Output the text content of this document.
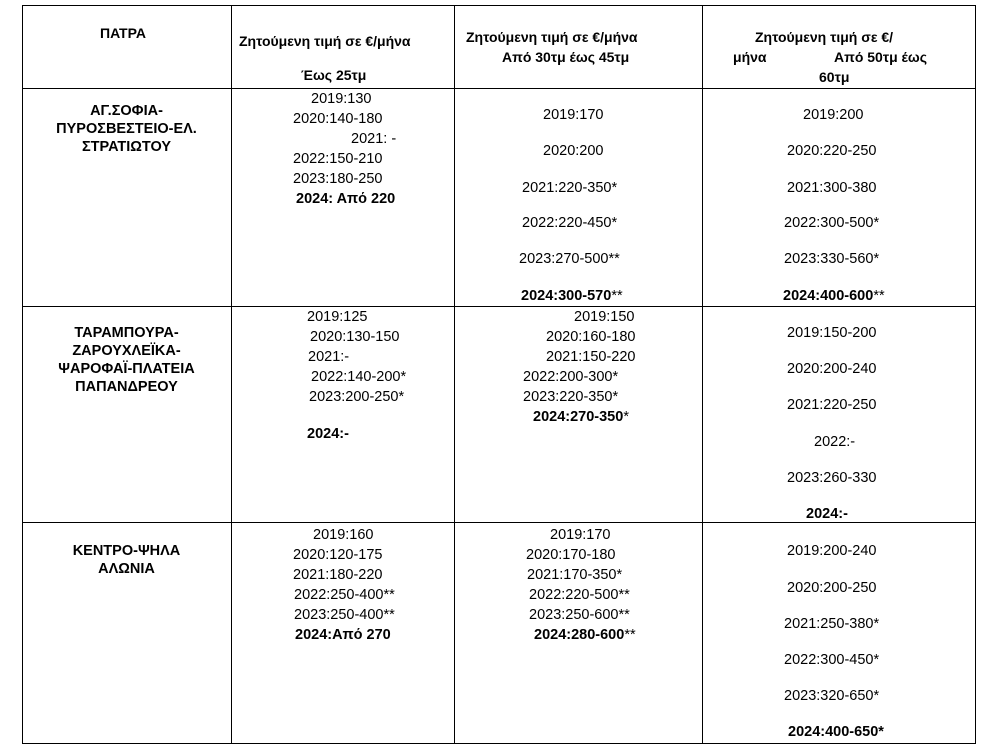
ΠΑΤΡΑ	Ζητούμενη τιμή σε €/μήνα
Έως 25τμ
Ζητούμενη τιμή σε €/μήνα
Από 30τμ έως 45τμ
Ζητούμενη τιμή σε €/
μήνα	Από 50τμ έως
60τμ
ΑΓ.ΣΟΦΙΑ-
ΠΥΡΟΣΒΕΣΤΕΙΟ-ΕΛ.
ΣΤΡΑΤΙΩΤΟΥ
2019:130
2020:140-180
2021: -
2022:150-210
2023:180-250
2024: Από 220
2019:170
2020:200
2021:220-350*
2022:220-450*
2023:270-500**
2024:300-570**
2019:200
2020:220-250
2021:300-380
2022:300-500*
2023:330-560*
2024:400-600**
ΤΑΡΑΜΠΟΥΡΑ-
ΖΑΡΟΥΧΛΕΪΚΑ-
ΨΑΡΟΦΑΪ-ΠΛΑΤΕΙΑ
ΠΑΠΑΝΔΡΕΟΥ
2019:125
2020:130-150
2021:-
2022:140-200*
2023:200-250*
2024:-
2019:150
2020:160-180
2021:150-220
2022:200-300*
2023:220-350*
2024:270-350*
2019:150-200
2020:200-240
2021:220-250
2022:-
2023:260-330
2024:-
ΚΕΝΤΡΟ-ΨΗΛΑ
ΑΛΩΝΙΑ
2019:160
2020:120-175
2021:180-220
2022:250-400**
2023:250-400**
2024:Από 270
2019:170
2020:170-180
2021:170-350*
2022:220-500**
2023:250-600**
2024:280-600**
2019:200-240
2020:200-250
2021:250-380*
2022:300-450*
2023:320-650*
2024:400-650*
